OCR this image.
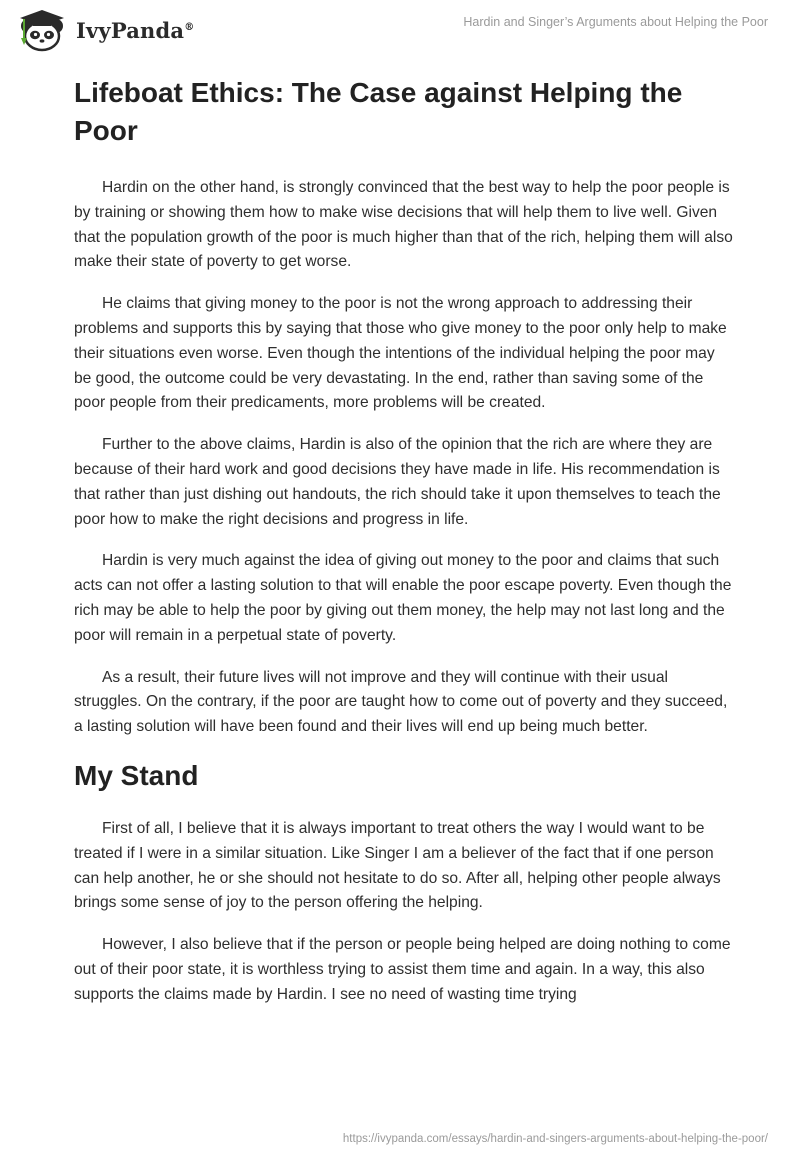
IvyPanda®	Hardin and Singer’s Arguments about Helping the Poor
Lifeboat Ethics: The Case against Helping the Poor

Hardin on the other hand, is strongly convinced that the best way to help the poor people is by training or showing them how to make wise decisions that will help them to live well. Given that the population growth of the poor is much higher than that of the rich, helping them will also make their state of poverty to get worse.

He claims that giving money to the poor is not the wrong approach to addressing their problems and supports this by saying that those who give money to the poor only help to make their situations even worse. Even though the intentions of the individual helping the poor may be good, the outcome could be very devastating. In the end, rather than saving some of the poor people from their predicaments, more problems will be created.

Further to the above claims, Hardin is also of the opinion that the rich are where they are because of their hard work and good decisions they have made in life. His recommendation is that rather than just dishing out handouts, the rich should take it upon themselves to teach the poor how to make the right decisions and progress in life.

Hardin is very much against the idea of giving out money to the poor and claims that such acts can not offer a lasting solution to that will enable the poor escape poverty. Even though the rich may be able to help the poor by giving out them money, the help may not last long and the poor will remain in a perpetual state of poverty.

As a result, their future lives will not improve and they will continue with their usual struggles. On the contrary, if the poor are taught how to come out of poverty and they succeed, a lasting solution will have been found and their lives will end up being much better.

My Stand

First of all, I believe that it is always important to treat others the way I would want to be treated if I were in a similar situation. Like Singer I am a believer of the fact that if one person can help another, he or she should not hesitate to do so. After all, helping other people always brings some sense of joy to the person offering the helping.

However, I also believe that if the person or people being helped are doing nothing to come out of their poor state, it is worthless trying to assist them time and again. In a way, this also supports the claims made by Hardin. I see no need of wasting time trying

https://ivypanda.com/essays/hardin-and-singers-arguments-about-helping-the-poor/
